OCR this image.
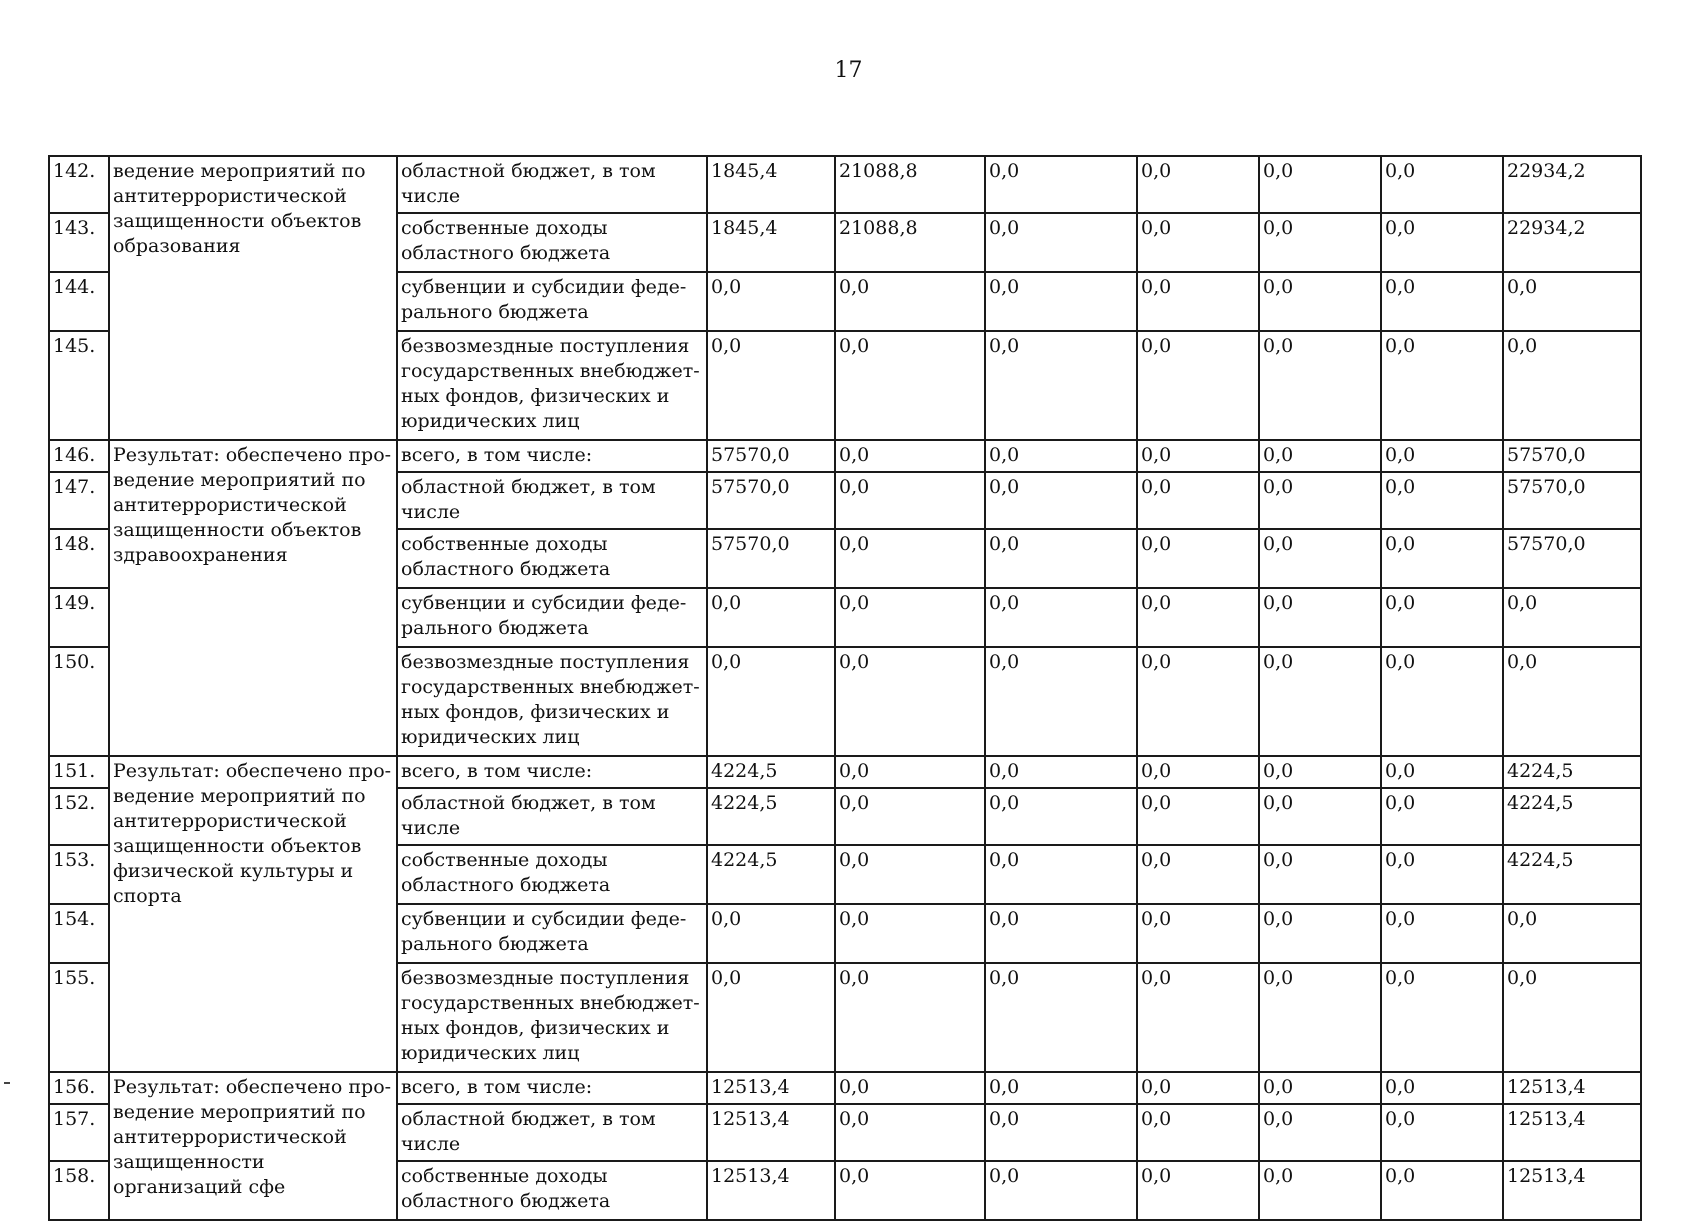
17
142.	ведение мероприятий по антитеррористической защищенности объектов образования	областной бюджет, в том числе	1845,4	21088,8	0,0	0,0	0,0	0,0	22934,2
143.		собственные доходы областного бюджета	1845,4	21088,8	0,0	0,0	0,0	0,0	22934,2
144.		субвенции и субсидии федерального бюджета	0,0	0,0	0,0	0,0	0,0	0,0	0,0
145.		безвозмездные поступления государственных внебюджетных фондов, физических и юридических лиц	0,0	0,0	0,0	0,0	0,0	0,0	0,0
146.	Результат: обеспечено проведение мероприятий по антитеррористической защищенности объектов здравоохранения	всего, в том числе:	57570,0	0,0	0,0	0,0	0,0	0,0	57570,0
147.		областной бюджет, в том числе	57570,0	0,0	0,0	0,0	0,0	0,0	57570,0
148.		собственные доходы областного бюджета	57570,0	0,0	0,0	0,0	0,0	0,0	57570,0
149.		субвенции и субсидии федерального бюджета	0,0	0,0	0,0	0,0	0,0	0,0	0,0
150.		безвозмездные поступления государственных внебюджетных фондов, физических и юридических лиц	0,0	0,0	0,0	0,0	0,0	0,0	0,0
151.	Результат: обеспечено проведение мероприятий по антитеррористической защищенности объектов физической культуры и спорта	всего, в том числе:	4224,5	0,0	0,0	0,0	0,0	0,0	4224,5
152.		областной бюджет, в том числе	4224,5	0,0	0,0	0,0	0,0	0,0	4224,5
153.		собственные доходы областного бюджета	4224,5	0,0	0,0	0,0	0,0	0,0	4224,5
154.		субвенции и субсидии федерального бюджета	0,0	0,0	0,0	0,0	0,0	0,0	0,0
155.		безвозмездные поступления государственных внебюджетных фондов, физических и юридических лиц	0,0	0,0	0,0	0,0	0,0	0,0	0,0
156.	Результат: обеспечено проведение мероприятий по антитеррористической защищенности организаций сфе	всего, в том числе:	12513,4	0,0	0,0	0,0	0,0	0,0	12513,4
157.		областной бюджет, в том числе	12513,4	0,0	0,0	0,0	0,0	0,0	12513,4
158.		собственные доходы областного бюджета	12513,4	0,0	0,0	0,0	0,0	0,0	12513,4
